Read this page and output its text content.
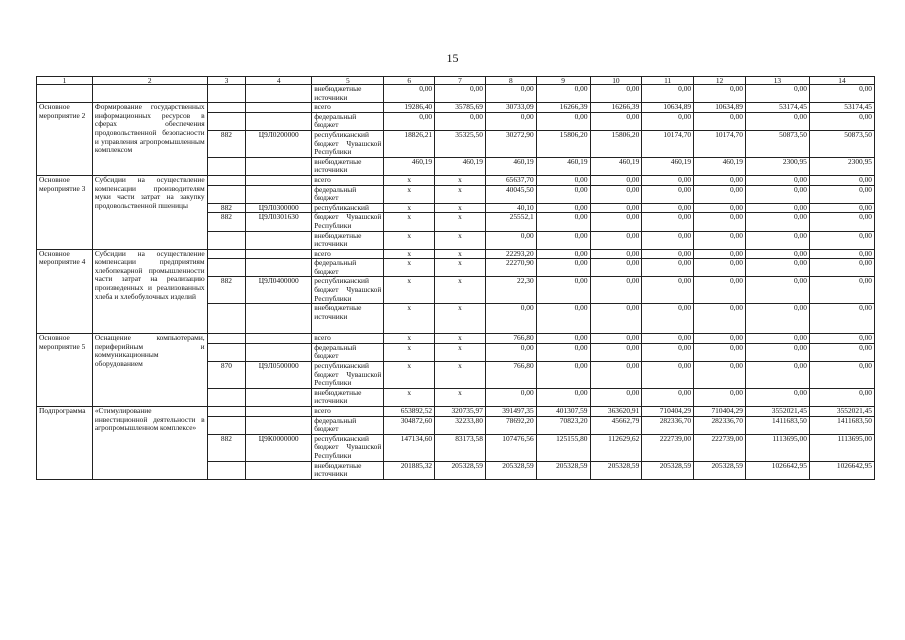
15
1	2	3	4	5	6	7	8	9	10	11	12	13	14
				внебюджетные источники	0,00	0,00	0,00	0,00	0,00	0,00	0,00	0,00	0,00
Основное мероприятие 2	Формирование государственных информационных ресурсов в сферах обеспечения продовольственной безопасности и управления агропромышленным комплексом			всего	19286,40	35785,69	30733,09	16266,39	16266,39	10634,89	10634,89	53174,45	53174,45
				федеральный бюджет	0,00	0,00	0,00	0,00	0,00	0,00	0,00	0,00	0,00
		882	Ц9Л0200000	республиканский бюджет Чувашской Республики	18826,21	35325,50	30272,90	15806,20	15806,20	10174,70	10174,70	50873,50	50873,50
				внебюджетные источники	460,19	460,19	460,19	460,19	460,19	460,19	460,19	2300,95	2300,95
Основное мероприятие 3	Субсидии на осуществление компенсации производителям муки части затрат на закупку продовольственной пшеницы			всего	х	х	65637,70	0,00	0,00	0,00	0,00	0,00	0,00
				федеральный бюджет	х	х	40045,50	0,00	0,00	0,00	0,00	0,00	0,00
		882	Ц9Л0300000	республиканский	х	х	40,10	0,00	0,00	0,00	0,00	0,00	0,00
		882	Ц9Л0301630	бюджет Чувашской Республики	х	х	25552,1	0,00	0,00	0,00	0,00	0,00	0,00
				внебюджетные источники	х	х	0,00	0,00	0,00	0,00	0,00	0,00	0,00
Основное мероприятие 4	Субсидии на осуществление компенсации предприятиям хлебопекарной промышленности части затрат на реализацию произведенных и реализованных хлеба и хлебобулочных изделий			всего	х	х	22293,20	0,00	0,00	0,00	0,00	0,00	0,00
				федеральный бюджет	х	х	22270,90	0,00	0,00	0,00	0,00	0,00	0,00
		882	Ц9Л0400000	республиканский бюджет Чувашской Республики	х	х	22,30	0,00	0,00	0,00	0,00	0,00	0,00
				внебюджетные источники	х	х	0,00	0,00	0,00	0,00	0,00	0,00	0,00
Основное мероприятие 5	Оснащение компьютерами, периферийным и коммуникационным оборудованием			всего	х	х	766,80	0,00	0,00	0,00	0,00	0,00	0,00
				федеральный бюджет	х	х	0,00	0,00	0,00	0,00	0,00	0,00	0,00
		870	Ц9Л0500000	республиканский бюджет Чувашской Республики	х	х	766,80	0,00	0,00	0,00	0,00	0,00	0,00
				внебюджетные источники	х	х	0,00	0,00	0,00	0,00	0,00	0,00	0,00
Подпрограмма	«Стимулирование инвестиционной деятельности в агропромышленном комплексе»			всего	653892,52	320735,97	391497,35	401307,59	363620,91	710404,29	710404,29	3552021,45	3552021,45
				федеральный бюджет	304872,60	32233,80	78692,20	70823,20	45662,79	282336,70	282336,70	1411683,50	1411683,50
		882	Ц9К0000000	республиканский бюджет Чувашской Республики	147134,60	83173,58	107476,56	125155,80	112629,62	222739,00	222739,00	1113695,00	1113695,00
				внебюджетные источники	201885,32	205328,59	205328,59	205328,59	205328,59	205328,59	205328,59	1026642,95	1026642,95
